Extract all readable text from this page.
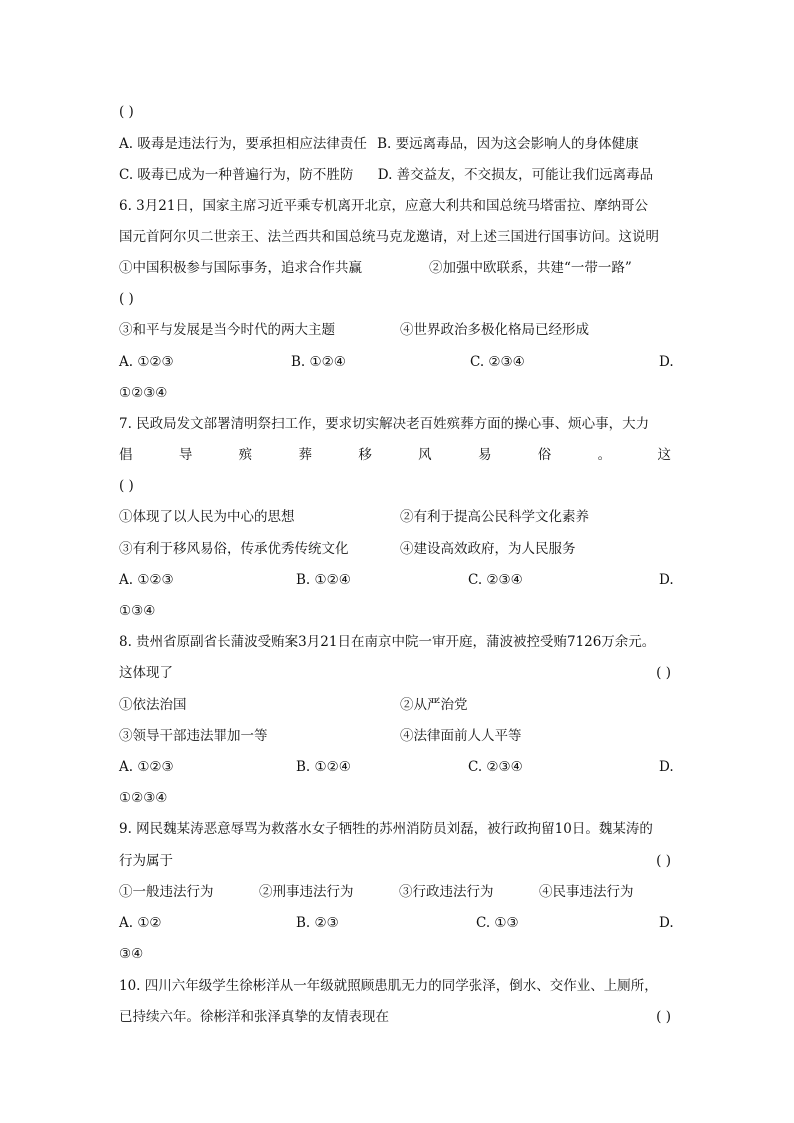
( )
A. 吸毒是违法行为，要承担相应法律责任 B. 要远离毒品，因为这会影响人的身体健康
C. 吸毒已成为一种普遍行为，防不胜防 D. 善交益友，不交损友，可能让我们远离毒品
6. 3月21日，国家主席习近平乘专机离开北京，应意大利共和国总统马塔雷拉、摩纳哥公
国元首阿尔贝二世亲王、法兰西共和国总统马克龙邀请，对上述三国进行国事访问。这说明
①中国积极参与国际事务，追求合作共赢	②加强中欧联系，共建“一带一路”
( )
③和平与发展是当今时代的两大主题	④世界政治多极化格局已经形成
A. ①②③	B. ①②④	C. ②③④	D.
①②③④
7. 民政局发文部署清明祭扫工作，要求切实解决老百姓殡葬方面的操心事、烦心事，大力
倡	导	殡	葬	移	风	易	俗	。	这
( )
①体现了以人民为中心的思想	②有利于提高公民科学文化素养
③有利于移风易俗，传承优秀传统文化	④建设高效政府，为人民服务
A. ①②③	B. ①②④	C. ②③④	D.
①③④
8. 贵州省原副省长蒲波受贿案3月21日在南京中院一审开庭，蒲波被控受贿7126万余元。
这体现了	( )
①依法治国	②从严治党
③领导干部违法罪加一等	④法律面前人人平等
A. ①②③	B. ①②④	C. ②③④	D.
①②③④
9. 网民魏某涛恶意辱骂为救落水女子牺牲的苏州消防员刘磊，被行政拘留10日。魏某涛的
行为属于	( )
①一般违法行为	②刑事违法行为	③行政违法行为	④民事违法行为
A. ①②	B. ②③	C. ①③	D.
③④
10. 四川六年级学生徐彬洋从一年级就照顾患肌无力的同学张泽，倒水、交作业、上厕所，
已持续六年。徐彬洋和张泽真挚的友情表现在	( )
